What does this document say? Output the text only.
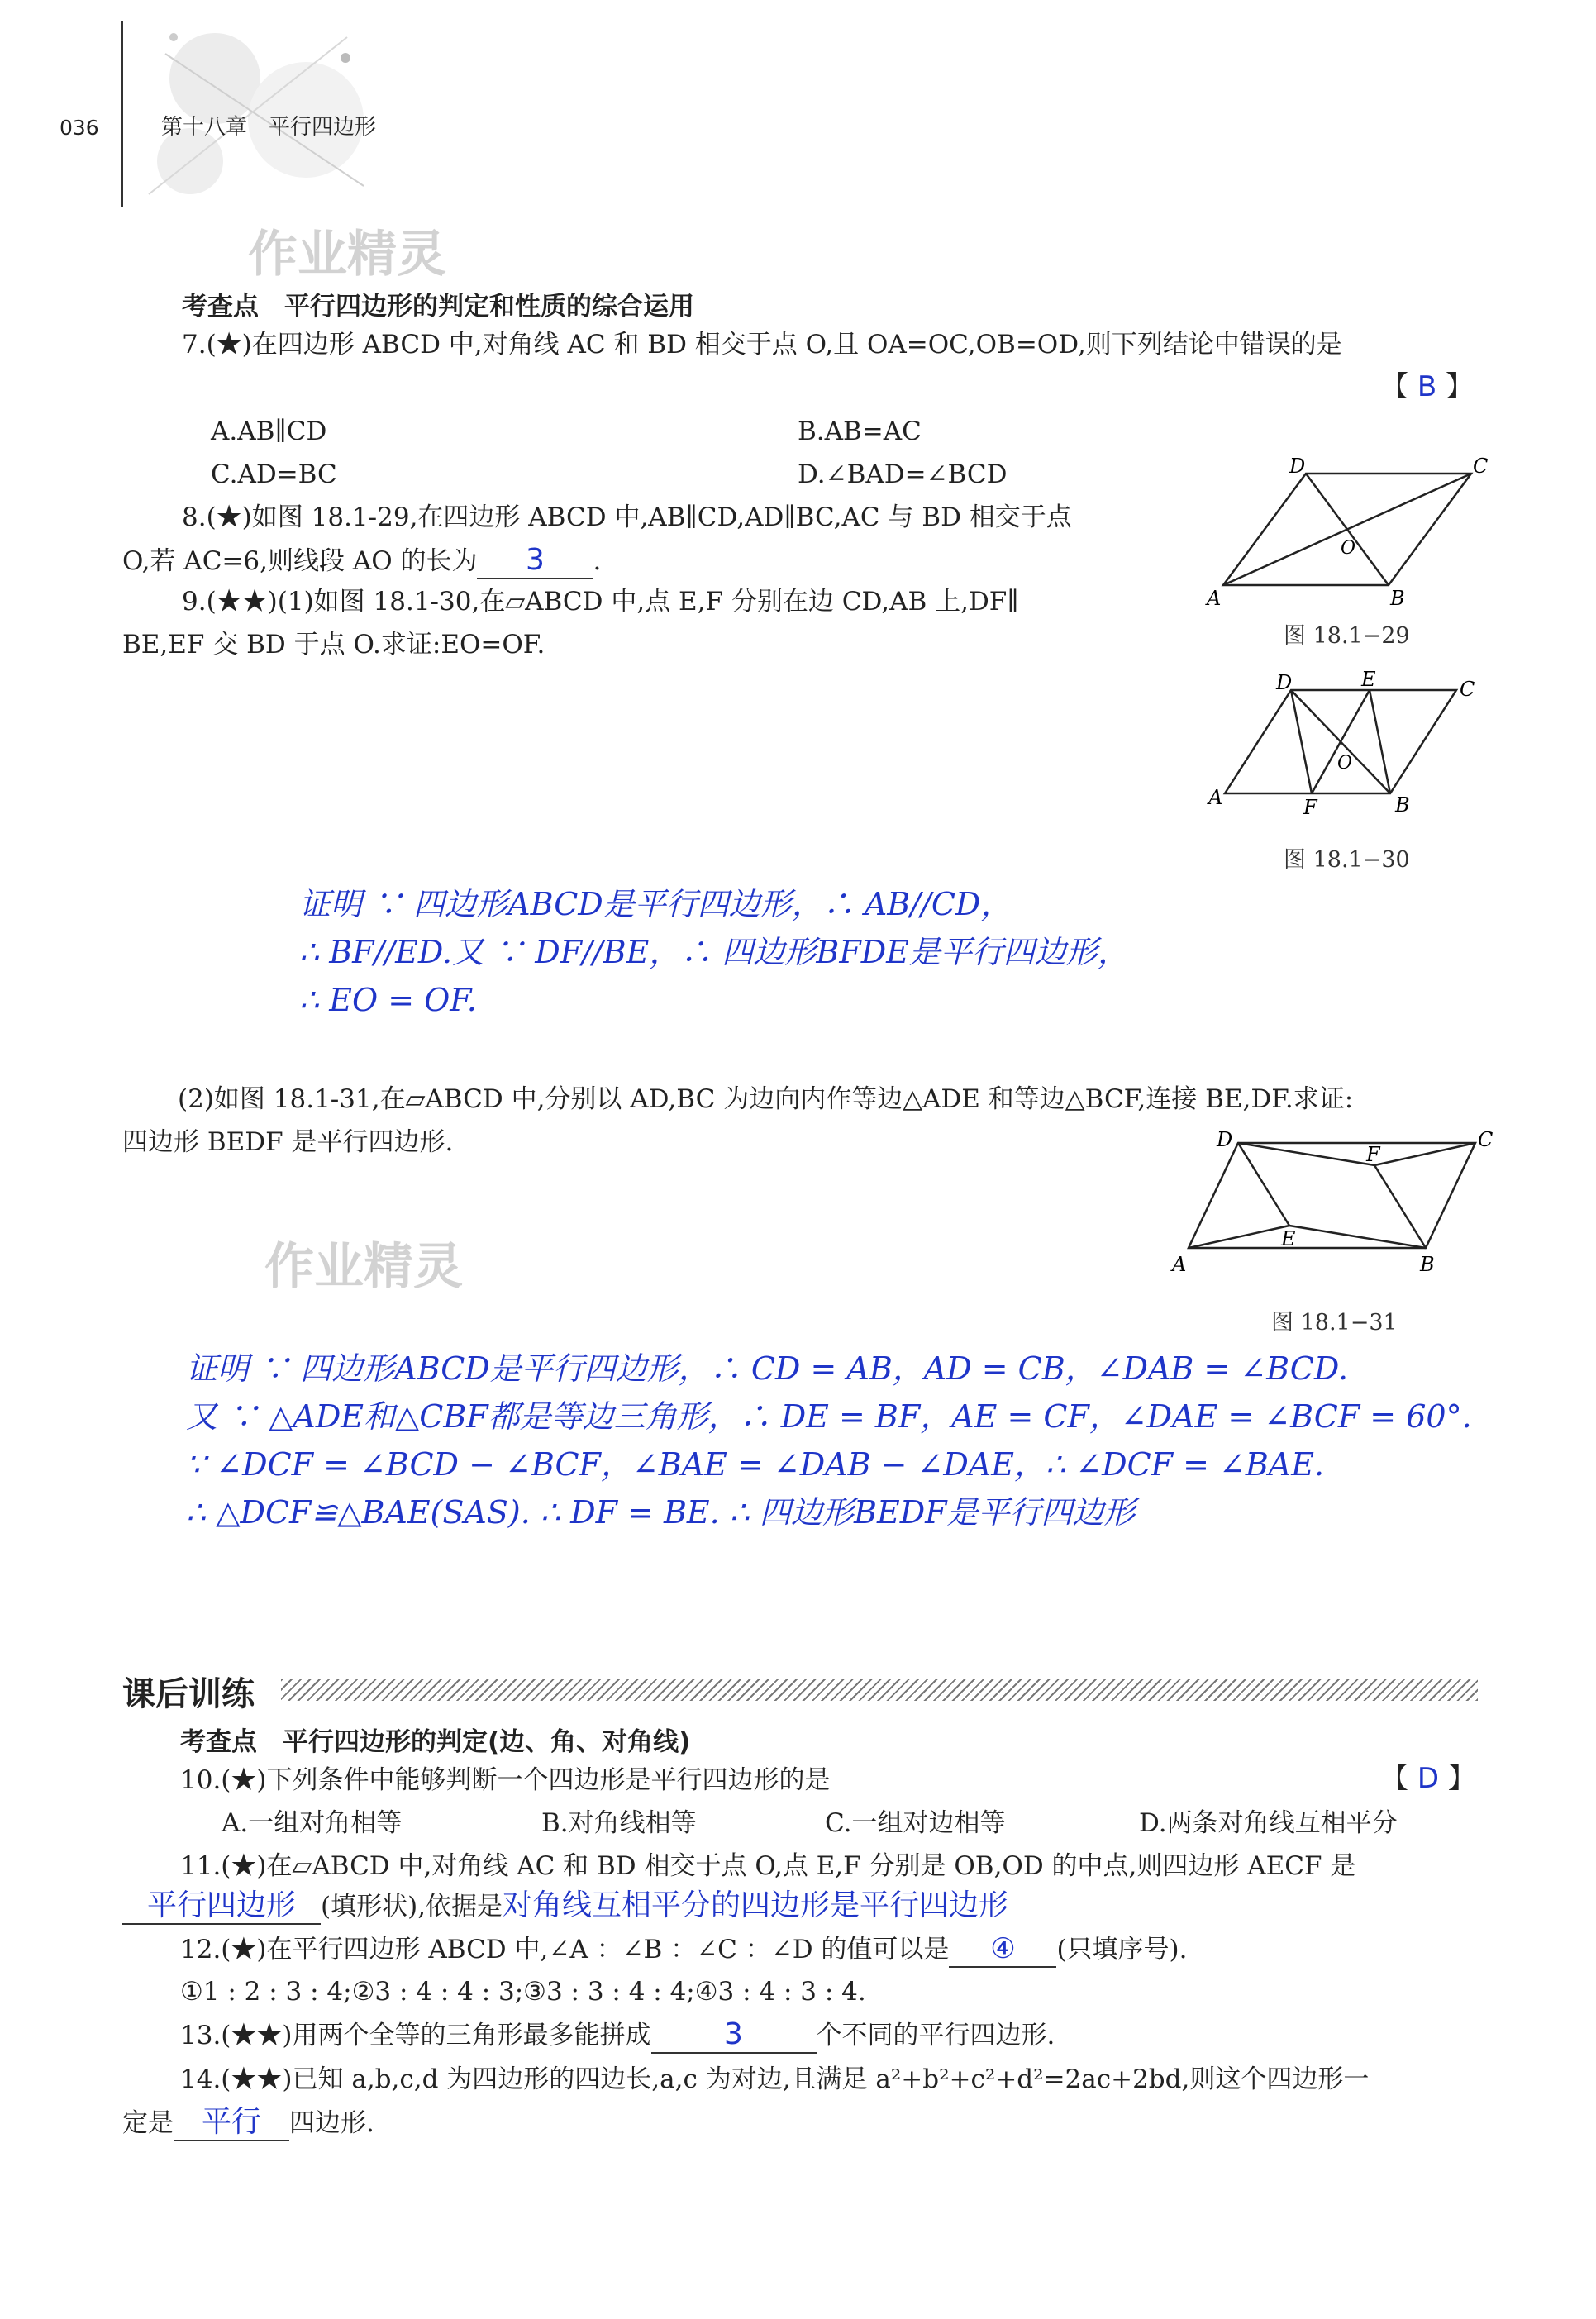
036	第十八章　平行四边形
作业精灵
考查点　平行四边形的判定和性质的综合运用
7.(★)在四边形 ABCD 中,对角线 AC 和 BD 相交于点 O,且 OA=OC,OB=OD,则下列结论中错误的是
【 B 】
A.AB∥CD	B.AB=AC
C.AD=BC	D.∠BAD=∠BCD
8.(★)如图 18.1-29,在四边形 ABCD 中,AB∥CD,AD∥BC,AC 与 BD 相交于点
O,若 AC=6,则线段 AO 的长为 3 .
9.(★★)(1)如图 18.1-30,在▱ABCD 中,点 E,F 分别在边 CD,AB 上,DF∥
BE,EF 交 BD 于点 O.求证:EO=OF.
A	B
C
D
O
图 18.1−29
A	B
C
D	E
F
O
图 18.1−30
证明 ∵ 四边形ABCD是平行四边形，∴ AB//CD，
∴ BF//ED.又 ∵ DF//BE，∴ 四边形BFDE是平行四边形，
∴ EO = OF.
(2)如图 18.1-31,在▱ABCD 中,分别以 AD,BC 为边向内作等边△ADE 和等边△BCF,连接 BE,DF.求证:
四边形 BEDF 是平行四边形.
作业精灵	A	B
C
D
E
F
图 18.1−31
证明 ∵ 四边形ABCD是平行四边形，∴ CD = AB，AD = CB，∠DAB = ∠BCD.
又 ∵ △ADE和△CBF都是等边三角形，∴ DE = BF，AE = CF，∠DAE = ∠BCF = 60°.
∵ ∠DCF = ∠BCD − ∠BCF，∠BAE = ∠DAB − ∠DAE，∴ ∠DCF = ∠BAE.
∴ △DCF≌△BAE(SAS). ∴ DF = BE. ∴ 四边形BEDF是平行四边形
课后训练
考查点　平行四边形的判定(边、角、对角线)
10.(★)下列条件中能够判断一个四边形是平行四边形的是	【 D 】
A.一组对角相等	B.对角线相等	C.一组对边相等	D.两条对角线互相平分
11.(★)在▱ABCD 中,对角线 AC 和 BD 相交于点 O,点 E,F 分别是 OB,OD 的中点,则四边形 AECF 是
平行四边形 (填形状),依据是对角线互相平分的四边形是平行四边形
12.(★)在平行四边形 ABCD 中,∠A ：∠B ：∠C ：∠D 的值可以是 ④ (只填序号).
①1 : 2 : 3 : 4;②3 : 4 : 4 : 3;③3 : 3 : 4 : 4;④3 : 4 : 3 : 4.
13.(★★)用两个全等的三角形最多能拼成 3	个不同的平行四边形.
14.(★★)已知 a,b,c,d 为四边形的四边长,a,c 为对边,且满足 a²+b²+c²+d²=2ac+2bd,则这个四边形一
定是 平行 四边形.
